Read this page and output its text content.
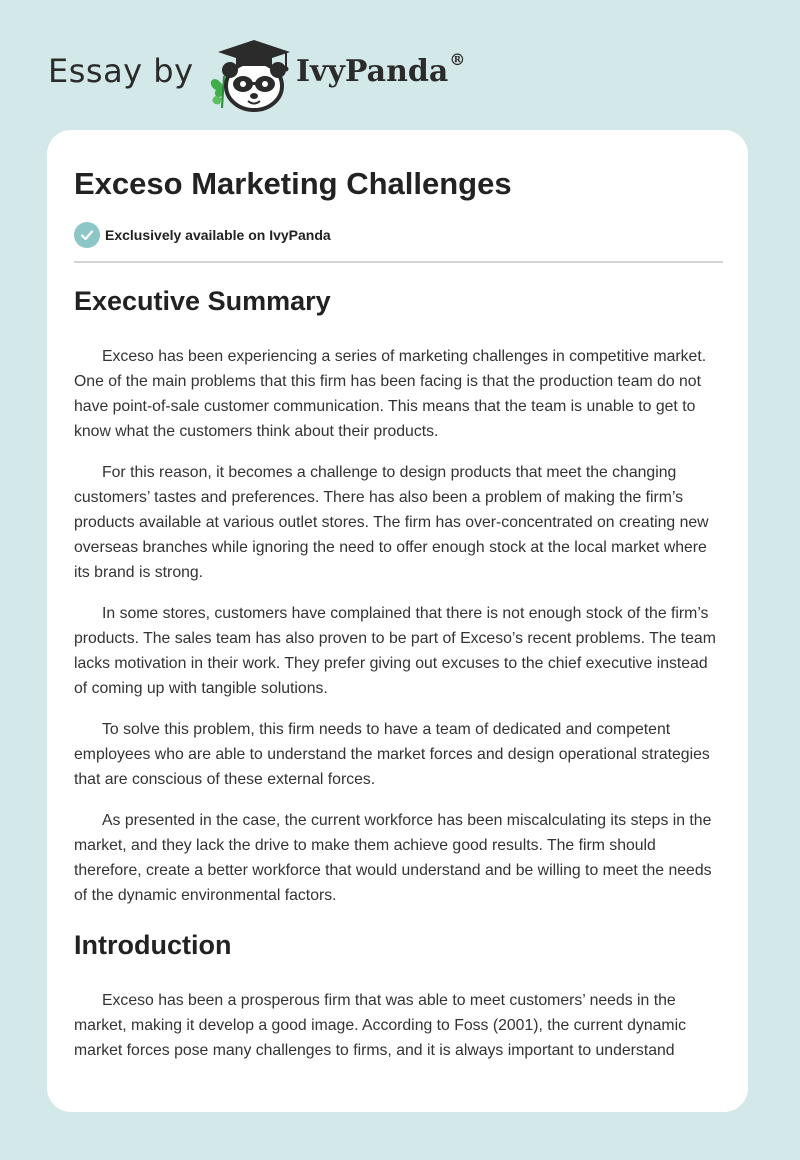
Essay by	IvyPanda®
Exceso Marketing Challenges
Exclusively available on IvyPanda
Executive Summary

Exceso has been experiencing a series of marketing challenges in competitive market. One of the main problems that this firm has been facing is that the production team do not have point-of-sale customer communication. This means that the team is unable to get to know what the customers think about their products.

For this reason, it becomes a challenge to design products that meet the changing customers’ tastes and preferences. There has also been a problem of making the firm’s products available at various outlet stores. The firm has over-concentrated on creating new overseas branches while ignoring the need to offer enough stock at the local market where its brand is strong.

In some stores, customers have complained that there is not enough stock of the firm’s products. The sales team has also proven to be part of Exceso’s recent problems. The team lacks motivation in their work. They prefer giving out excuses to the chief executive instead of coming up with tangible solutions.

To solve this problem, this firm needs to have a team of dedicated and competent employees who are able to understand the market forces and design operational strategies that are conscious of these external forces.

As presented in the case, the current workforce has been miscalculating its steps in the market, and they lack the drive to make them achieve good results. The firm should therefore, create a better workforce that would understand and be willing to meet the needs of the dynamic environmental factors.

Introduction

Exceso has been a prosperous firm that was able to meet customers’ needs in the market, making it develop a good image. According to Foss (2001), the current dynamic market forces pose many challenges to firms, and it is always important to understand
